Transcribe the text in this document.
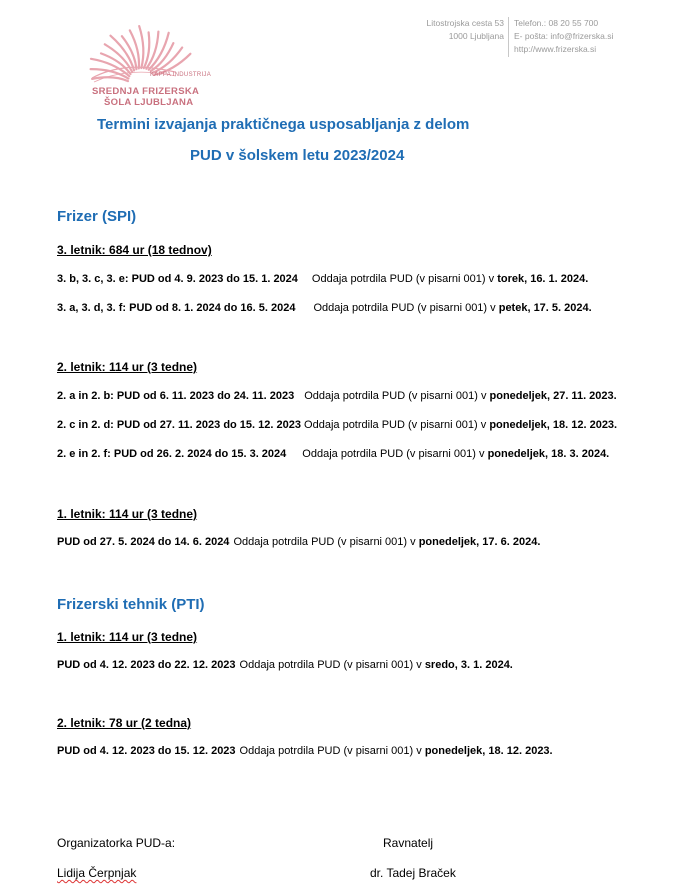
KAPPA INDUSTRIJA
SREDNJA FRIZERSKA
ŠOLA LJUBLJANA
Litostrojska cesta 53
1000 Ljubljana
Telefon.: 08 20 55 700
E- pošta: info@frizerska.si
http://www.frizerska.si
Termini izvajanja praktičnega usposabljanja z delom
PUD v šolskem letu 2023/2024
Frizer (SPI)
3. letnik: 684 ur (18 tednov)
3. b, 3. c, 3. e: PUD od 4. 9. 2023 do 15. 1. 2024 Oddaja potrdila PUD (v pisarni 001) v torek, 16. 1. 2024.
3. a, 3. d, 3. f: PUD od 8. 1. 2024 do 16. 5. 2024 Oddaja potrdila PUD (v pisarni 001) v petek, 17. 5. 2024.
2. letnik: 114 ur (3 tedne)
2. a in 2. b: PUD od 6. 11. 2023 do 24. 11. 2023 Oddaja potrdila PUD (v pisarni 001) v ponedeljek, 27. 11. 2023.
2. c in 2. d: PUD od 27. 11. 2023 do 15. 12. 2023 Oddaja potrdila PUD (v pisarni 001) v ponedeljek, 18. 12. 2023.
2. e in 2. f: PUD od 26. 2. 2024 do 15. 3. 2024 Oddaja potrdila PUD (v pisarni 001) v ponedeljek, 18. 3. 2024.
1. letnik: 114 ur (3 tedne)
PUD od 27. 5. 2024 do 14. 6. 2024 Oddaja potrdila PUD (v pisarni 001) v ponedeljek, 17. 6. 2024.
Frizerski tehnik (PTI)
1. letnik: 114 ur (3 tedne)
PUD od 4. 12. 2023 do 22. 12. 2023 Oddaja potrdila PUD (v pisarni 001) v sredo, 3. 1. 2024.
2. letnik: 78 ur (2 tedna)
PUD od 4. 12. 2023 do 15. 12. 2023 Oddaja potrdila PUD (v pisarni 001) v ponedeljek, 18. 12. 2023.
Organizatorka PUD-a:	Ravnatelj
Lidija Čerpnjak	dr. Tadej Braček
